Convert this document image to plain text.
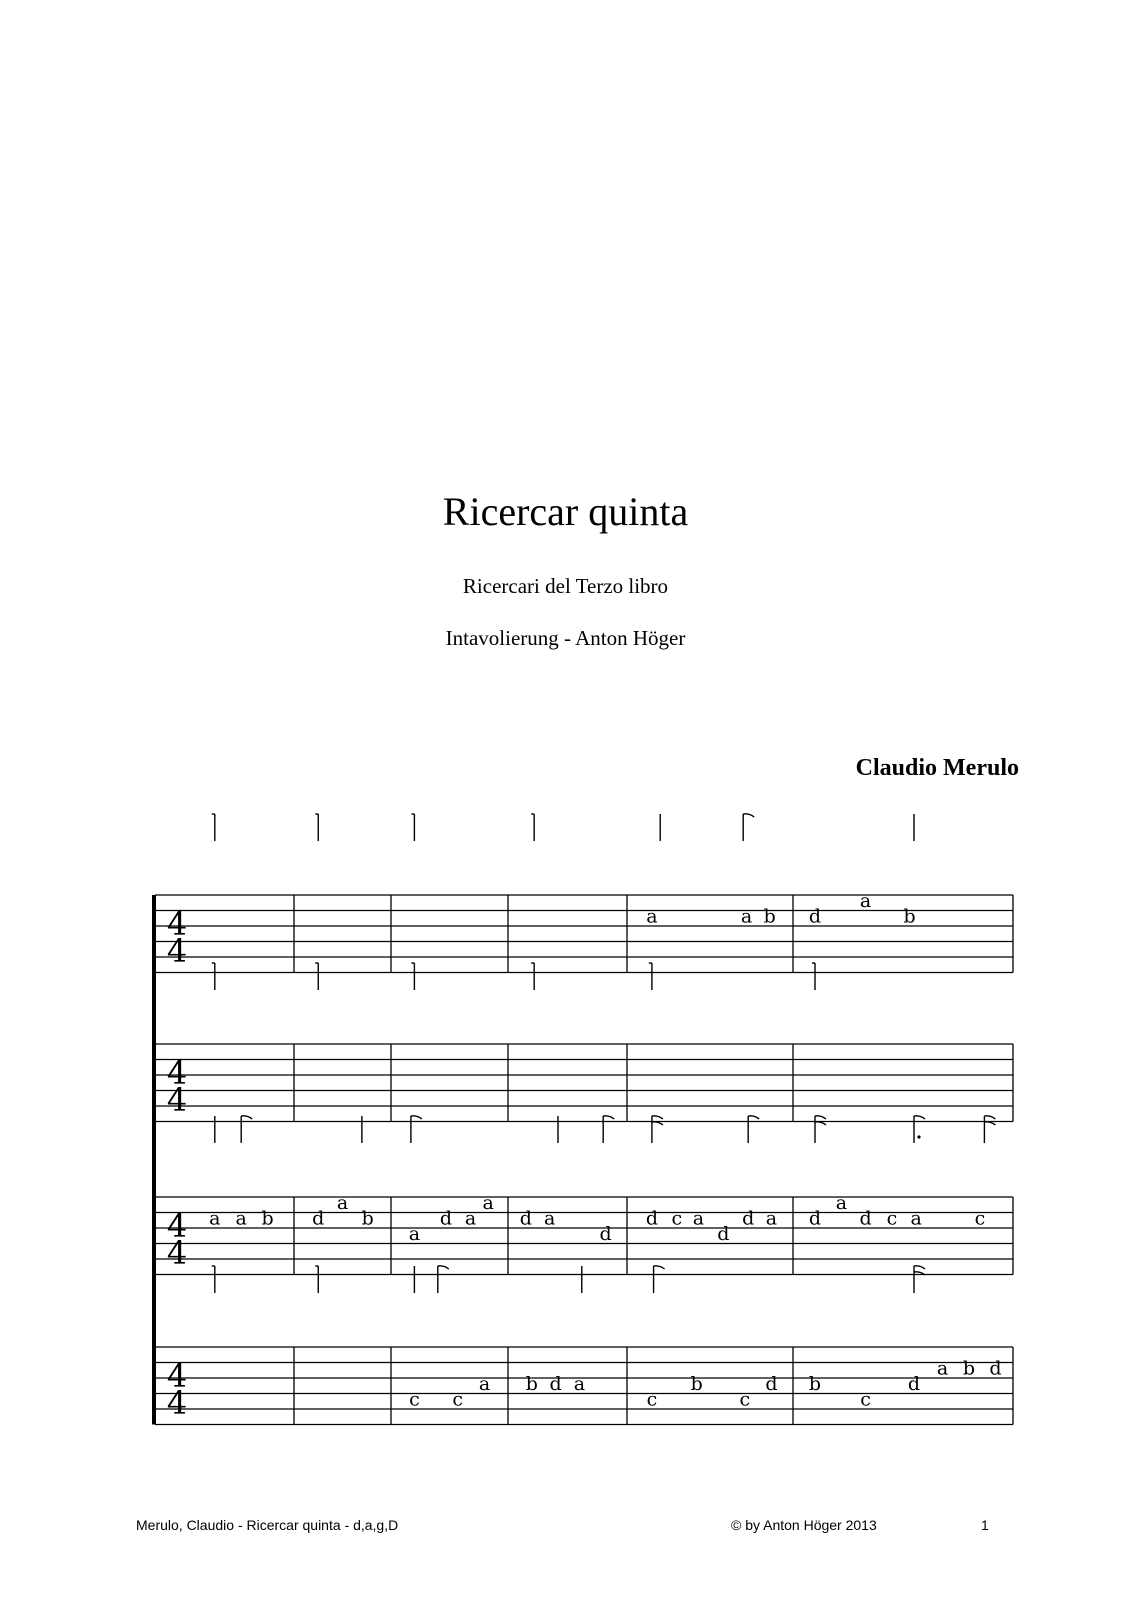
Ricercar quinta
Ricercari del Terzo libro
Intavolierung - Anton Höger
Claudio Merulo
4
4
a	a b d
a
b
4
4
4
4
a a b d
a
b
a
d a
a
d a
d
d c a
d
d a d
a
d c a	c
4
4	c c
a b d a
c
b
c
d b
c
d
a b d
Merulo, Claudio - Ricercar quinta - d,a,g,D	© by Anton Höger 2013	1
